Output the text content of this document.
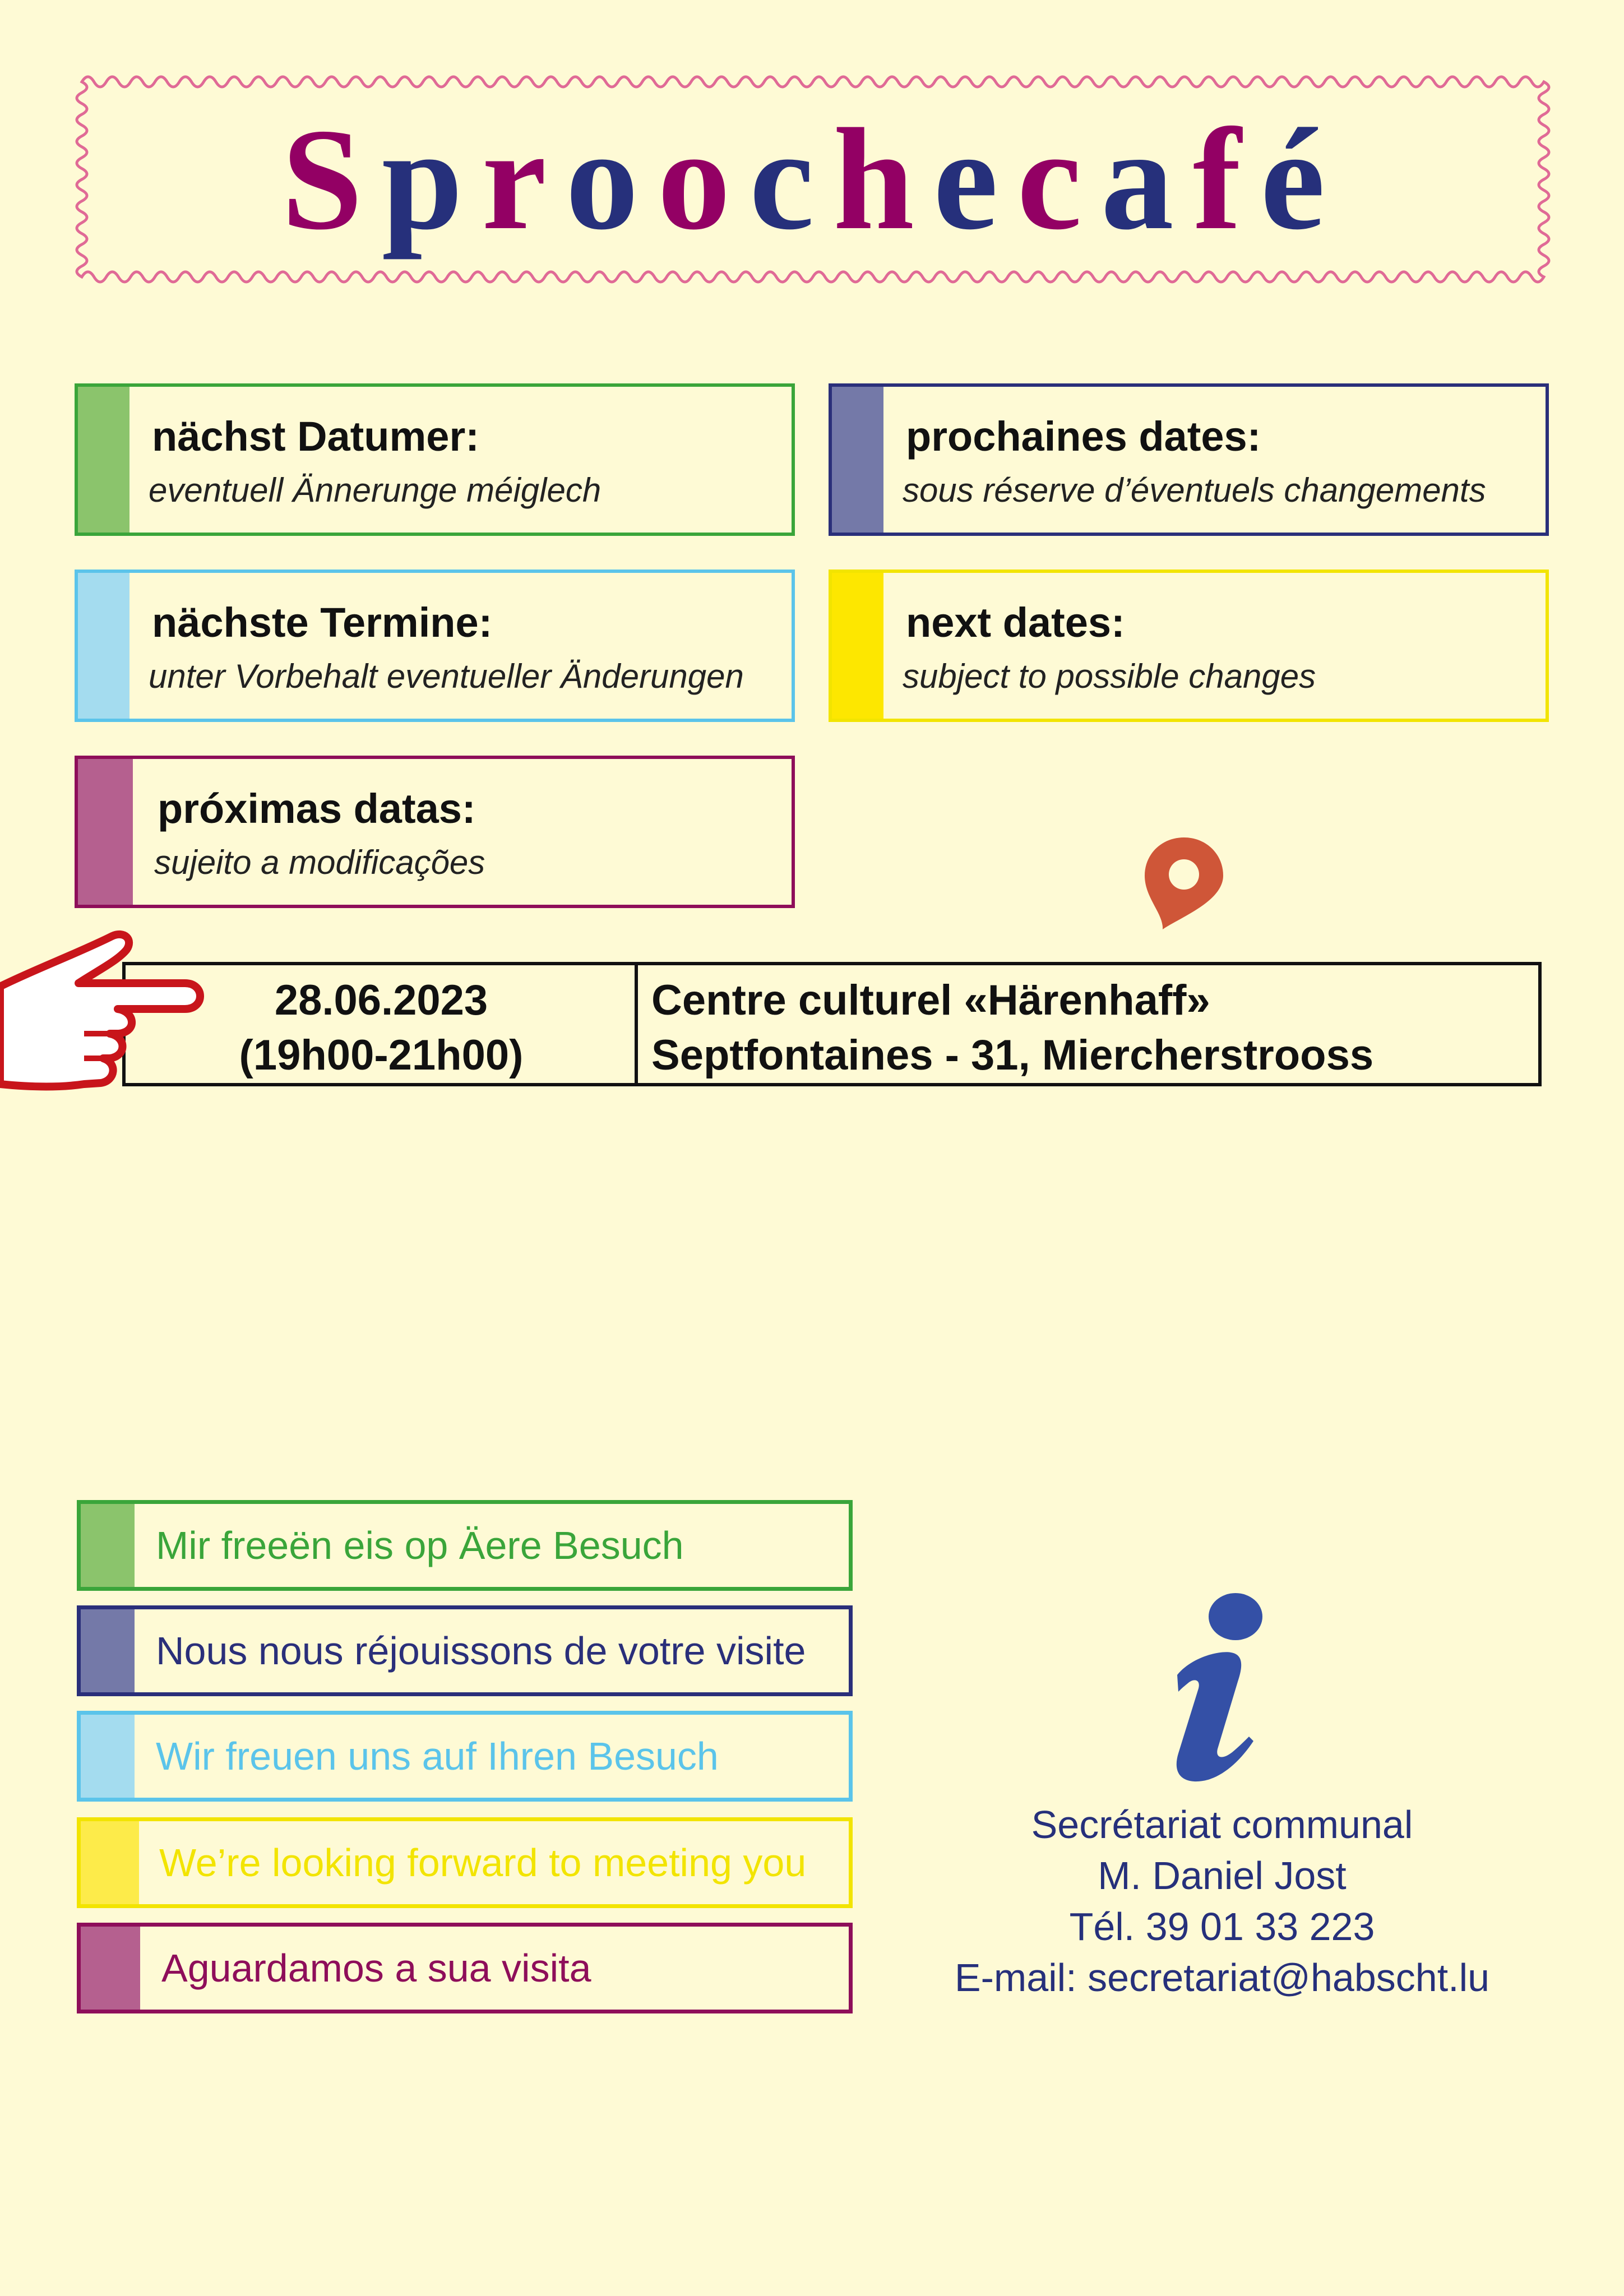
S p r o o c h e c a f é
nächst Datumer:
eventuell Ännerunge méiglech
prochaines dates:
sous réserve d’éventuels changements
nächste Termine:
unter Vorbehalt eventueller Änderungen
next dates:
subject to possible changes
próximas datas:
sujeito a modificações
28.06.2023
(19h00-21h00)
Centre culturel «Härenhaff»
Septfontaines - 31, Miercherstrooss
Mir freeën eis op Äere Besuch
Nous nous réjouissons de votre visite
Wir freuen uns auf Ihren Besuch
We’re looking forward to meeting you
Aguardamos a sua visita
Secrétariat communal
M. Daniel Jost
Tél. 39 01 33 223
E-mail: secretariat@habscht.lu
